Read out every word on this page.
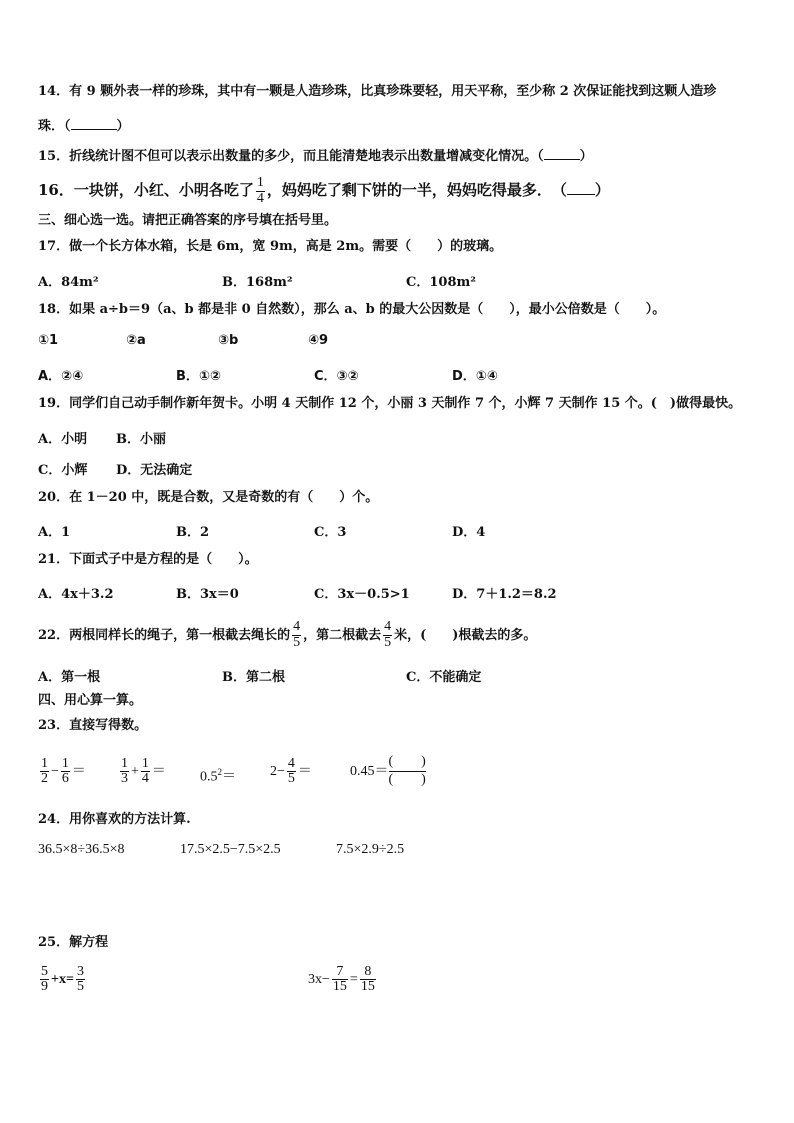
14．有 9 颗外表一样的珍珠，其中有一颗是人造珍珠，比真珍珠要轻，用天平称，至少称 2 次保证能找到这颗人造珍
珠．（	）
15．折线统计图不但可以表示出数量的多少，而且能清楚地表示出数量增减变化情况。（	）
16．一块饼，小红、小明各吃了 $\frac{1}{4}$ ，妈妈吃了剩下饼的一半，妈妈吃得最多．　（ ）
三、细心选一选。请把正确答案的序号填在括号里。
17．做一个长方体水箱，长是 6m，宽 9m，高是 2m。需要（　　）的玻璃。
A．84m²	B．168m²	C．108m²
18．如果 a÷b＝9（a、b 都是非 0 自然数），那么 a、b 的最大公因数是（　　），最小公倍数是（　　）。
①1	②a	③b	④9
A．②④	B．①②	C．③②	D．①④
19．同学们自己动手制作新年贺卡。小明 4 天制作 12 个，小丽 3 天制作 7 个，小辉 7 天制作 15 个。(　)做得最快。
A．小明 B．小丽
C．小辉 D．无法确定
20．在 1－20 中，既是合数，又是奇数的有（　　）个。
A．1	B．2	C．3	D．4
21．下面式子中是方程的是（　　）。
A．4x＋3.2	B．3x＝0	C．3x－0.5>1	D．7＋1.2＝8.2
22．两根同样长的绳子，第一根截去绳长的 $\frac{4}{5}$ ，第二根截去 $\frac{4}{5}$ 米，(　　)根截去的多。
A．第一根	B．第二根	C．不能确定
四、用心算一算。
23．直接写得数。
$\frac{1}{2} - \frac{1}{6} = \frac{1}{3} + \frac{1}{4} = 0.5^2= 2- \frac{4}{5}$ ＝	0.45＝
(　　)
(　　)
24．用你喜欢的方法计算.
36.5×8÷36.5×8	17.5×2.5−7.5×2.5	7.5×2.9÷2.5
25．解方程
$\frac{5}{9} +x= \frac{3}{5}$	$3x- \frac{7}{15} = \frac{8}{15}$
